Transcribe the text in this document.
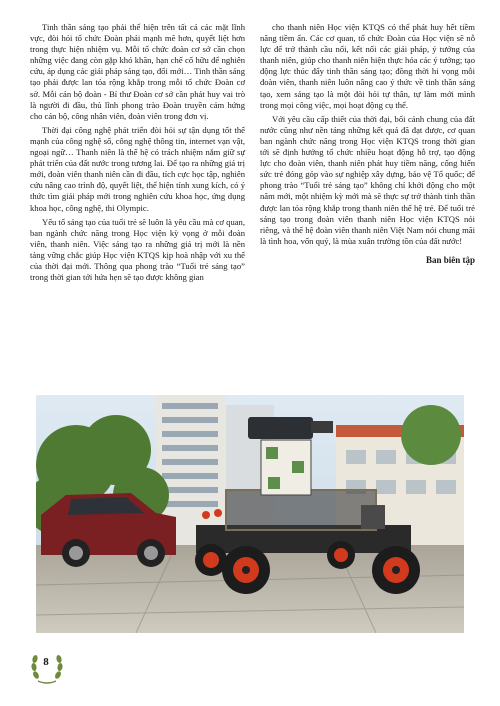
Tinh thần sáng tạo phải thể hiện trên tất cả các mặt lĩnh vực, đòi hỏi tổ chức Đoàn phải mạnh mẽ hơn, quyết liệt hơn trong thực hiện nhiệm vụ. Mỗi tổ chức đoàn cơ sở cần chọn những việc đang còn gặp khó khăn, hạn chế cố hữu để nghiên cứu, áp dụng các giải pháp sáng tạo, đổi mới… Tinh thần sáng tạo phải được lan tỏa rộng khắp trong mỗi tổ chức Đoàn cơ sở. Mỗi cán bộ đoàn - Bí thư Đoàn cơ sở cần phát huy vai trò là người đi đầu, thủ lĩnh phong trào Đoàn truyền cảm hứng cho cán bộ, công nhân viên, đoàn viên trong đơn vị.

Thời đại công nghệ phát triển đòi hỏi sự tận dụng tốt thế mạnh của công nghệ số, công nghệ thông tin, internet vạn vật, ngoại ngữ… Thanh niên là thế hệ có trách nhiệm nắm giữ sự phát triển của đất nước trong tương lai. Để tạo ra những giá trị mới, đoàn viên thanh niên cần đi đầu, tích cực học tập, nghiên cứu nâng cao trình độ, quyết liệt, thể hiện tính xung kích, có ý thức tìm giải pháp mới trong nghiên cứu khoa học, ứng dụng khoa học, công nghệ, thi Olympic.

Yếu tố sáng tạo của tuổi trẻ sẽ luôn là yêu cầu mà cơ quan, ban ngành chức năng trong Học viện kỳ vọng ở mỗi đoàn viên, thanh niên. Việc sáng tạo ra những giá trị mới là nền tảng vững chắc giúp Học viện KTQS kịp hoà nhập với xu thế của thời đại mới. Thông qua phong trào “Tuổi trẻ sáng tạo” trong thời gian tới hứa hẹn sẽ tạo được không gian

cho thanh niên Học viện KTQS có thể phát huy hết tiềm năng tiềm ẩn. Các cơ quan, tổ chức Đoàn của Học viện sẽ nỗ lực để trở thành cầu nối, kết nối các giải pháp, ý tưởng của thanh niên, giúp cho thanh niên hiện thực hóa các ý tưởng; tạo động lực thúc đẩy tinh thần sáng tạo; đồng thời hi vọng mỗi đoàn viên, thanh niên luôn nâng cao ý thức về tinh thần sáng tạo, xem sáng tạo là một đòi hỏi tự thân, tự làm mới mình trong mọi công việc, mọi hoạt động cụ thể.

Với yêu cầu cấp thiết của thời đại, bối cảnh chung của đất nước cũng như nền tảng những kết quả đã đạt được, cơ quan ban ngành chức năng trong Học viện KTQS trong thời gian tới sẽ định hướng tổ chức nhiều hoạt động hỗ trợ, tạo động lực cho đoàn viên, thanh niên phát huy tiềm năng, cống hiến sức trẻ đóng góp vào sự nghiệp xây dựng, bảo vệ Tổ quốc; để phong trào “Tuổi trẻ sáng tạo” không chỉ khởi động cho một năm mới, một nhiệm kỳ mới mà sẽ thực sự trở thành tinh thần được lan tỏa rộng khắp trong thanh niên thế hệ trẻ. Để tuổi trẻ sáng tạo trong đoàn viên thanh niên Học viện KTQS nói riêng, và thế hệ đoàn viên thanh niên Việt Nam nói chung mãi là tình hoa, vốn quý, là mùa xuân trường tồn của đất nước!

Ban biên tập
8
